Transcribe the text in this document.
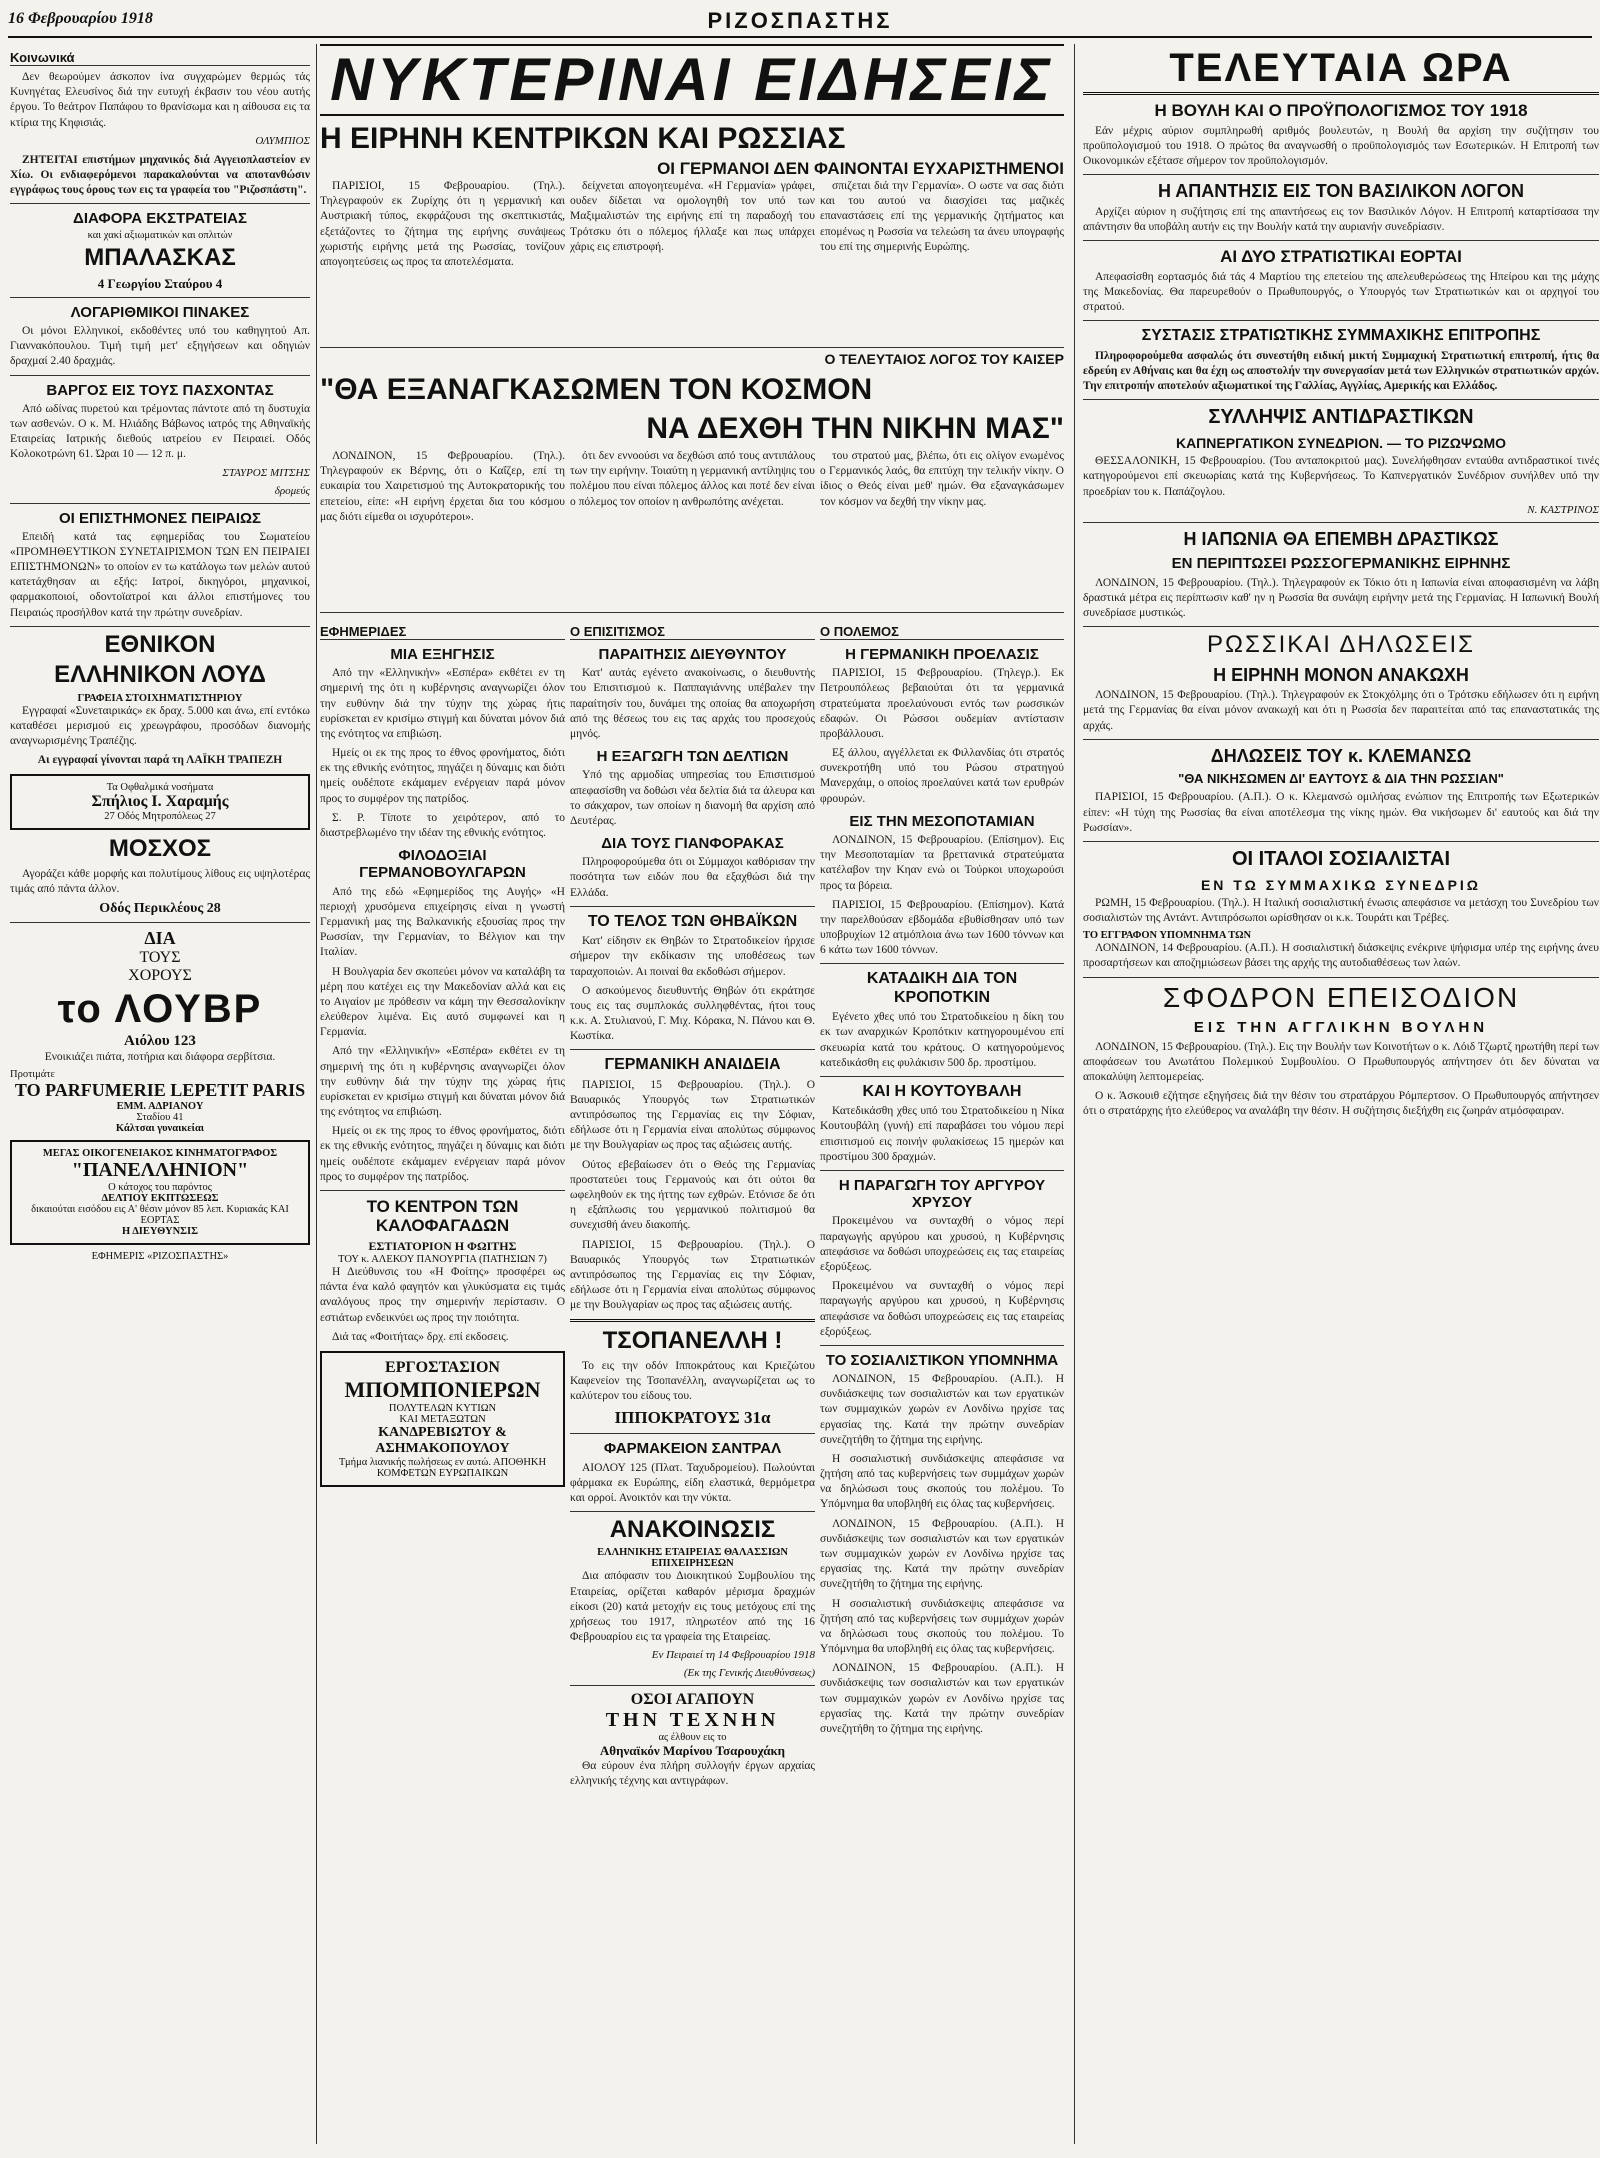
16 Φεβρουαρίου 1918	ΡΙΖΟΣΠΑΣΤΗΣ
Κοινωνικά

Δεν θεωρούμεν άσκοπον ίνα συγχαρώμεν θερμώς τάς Κυνηγέτας Ελευσίνος διά την ευτυχή έκβασιν του νέου αυτής έργου. Το θεάτρον Παπάφου το θρανίσωμα και η αίθουσα εις τα κτίρια της Κηφισιάς.

ΟΛΥΜΠΙΟΣ

ΖΗΤΕΙΤΑΙ επιστήμων μηχανικός διά Αγγειοπλαστείον εν Χίω. Οι ενδιαφερόμενοι παρακαλούνται να αποτανθώσιν εγγράφως τους όρους των εις τα γραφεία του "Ριζοσπάστη".

ΔΙΑΦΟΡΑ ΕΚΣΤΡΑΤΕΙΑΣ
και χακί αξιωματικών και οπλιτών
ΜΠΑΛΑΣΚΑΣ
4 Γεωργίου Σταύρου 4
ΛΟΓΑΡΙΘΜΙΚΟΙ ΠΙΝΑΚΕΣ

Οι μόνοι Ελληνικοί, εκδοθέντες υπό του καθηγητού Απ. Γιαννακόπουλου. Τιμή τιμή μετ' εξηγήσεων και οδηγιών δραχμαί 2.40 δραχμάς.

ΒΑΡΓΟΣ ΕΙΣ ΤΟΥΣ ΠΑΣΧΟΝΤΑΣ

Από ωδίνας πυρετού και τρέμοντας πάντοτε από τη δυστυχία των ασθενών. Ο κ. Μ. Ηλιάδης Βάβωνος ιατρός της Αθηναϊκής Εταιρείας Ιατρικής διεθούς ιατρείου εν Πειραιεί. Οδός Κολοκοτρώνη 61. Ώραι 10 — 12 π. μ.

ΣΤΑΥΡΟΣ ΜΙΤΣΗΣ
δρομεύς
ΟΙ ΕΠΙΣΤΗΜΟΝΕΣ ΠΕΙΡΑΙΩΣ

Επειδή κατά τας εφημερίδας του Σωματείου «ΠΡΟΜΗΘΕΥΤΙΚΟΝ ΣΥΝΕΤΑΙΡΙΣΜΟΝ ΤΩΝ ΕΝ ΠΕΙΡΑΙΕΙ ΕΠΙΣΤΗΜΟΝΩΝ» το οποίον εν τω κατάλογω των μελών αυτού κατετάχθησαν αι εξής: Ιατροί, δικηγόροι, μηχανικοί, φαρμακοποιοί, οδοντοϊατροί και άλλοι επιστήμονες του Πειραιώς προσήλθον κατά την πρώτην συνεδρίαν.

ΕΘΝΙΚΟΝ
ΕΛΛΗΝΙΚΟΝ ΛΟΥΔ
ΓΡΑΦΕΙΑ ΣΤΟΙΧΗΜΑΤΙΣΤΗΡΙΟΥ

Εγγραφαί «Συνεταιρικάς» εκ δραχ. 5.000 και άνω, επί εντόκω καταθέσει μερισμού εις χρεωγράφου, προσόδων διανομής αναγνωρισμένης Τραπέζης.

Αι εγγραφαί γίνονται παρά τη ΛΑΪΚΗ ΤΡΑΠΕΖΗ

Τα Οφθαλμικά νοσήματα
Σπήλιος Ι. Χαραμής
27 Οδός Μητροπόλεως 27
ΜΟΣΧΟΣ

Αγοράζει κάθε μορφής και πολυτίμους λίθους εις υψηλοτέρας τιμάς από πάντα άλλον.

Οδός Περικλέους 28
ΔΙΑ
ΤΟΥΣ
ΧΟΡΟΥΣ
το ΛΟΥΒΡ
Αιόλου 123

Ενοικιάζει πιάτα, ποτήρια και διάφορα σερβίτσια.

Προτιμάτε
TO PARFUMERIE LEPETIT PARIS
ΕΜΜ. ΑΔΡΙΑΝΟΥ
Σταδίου 41
Κάλτσαι γυναικείαι
ΜΕΓΑΣ ΟΙΚΟΓΕΝΕΙΑΚΟΣ ΚΙΝΗΜΑΤΟΓΡΑΦΟΣ
"ΠΑΝΕΛΛΗΝΙΟΝ"
Ο κάτοχος του παρόντος
ΔΕΛΤΙΟΥ ΕΚΠΤΩΣΕΩΣ
δικαιούται εισόδου εις Α' θέσιν μόνον 85 λεπ. Κυριακάς ΚΑΙ ΕΟΡΤΑΣ
Η ΔΙΕΥΘΥΝΣΙΣ
ΕΦΗΜΕΡΙΣ «ΡΙΖΟΣΠΑΣΤΗΣ»
ΝΥΚΤΕΡΙΝΑΙ ΕΙΔΗΣΕΙΣ
Η ΕΙΡΗΝΗ ΚΕΝΤΡΙΚΩΝ ΚΑΙ ΡΩΣΣΙΑΣ
ΟΙ ΓΕΡΜΑΝΟΙ ΔΕΝ ΦΑΙΝΟΝΤΑΙ ΕΥΧΑΡΙΣΤΗΜΕΝΟΙ

ΠΑΡΙΣΙΟΙ, 15 Φεβρουαρίου. (Τηλ.). Τηλεγραφούν εκ Ζυρίχης ότι η γερμανική και Αυστριακή τύπος, εκφράζουσι της σκεπτικιστάς, εξετάζοντες το ζήτημα της ειρήνης συνάψεως χωριστής ειρήνης μετά της Ρωσσίας, τονίζουν απογοητεύσεις ως προς τα αποτελέσματα.

δείχνεται απογοητευμένα. «Η Γερμανία» γράφει, ουδεν δίδεται να ομολογηθή τον υπό των Μαξιμαλιστών της ειρήνης επί τη παραδοχή του Τρότσκυ ότι ο πόλεμος ήλλαξε και πως υπάρχει χάρις εις επιστροφή.

σπιζεται διά την Γερμανία». Ο ωστε να σας διότι και του αυτού να διασχίσει τας μαζικές επαναστάσεις επί της γερμανικής ζητήματος και επομένως η Ρωσσία να τελεώση τα άνευ υπογραφής του επί της σημερινής Ευρώπης.

Ο ΤΕΛΕΥΤΑΙΟΣ ΛΟΓΟΣ ΤΟΥ ΚΑΙΣΕΡ
"ΘΑ ΕΞΑΝΑΓΚΑΣΩΜΕΝ ΤΟΝ ΚΟΣΜΟΝ
ΝΑ ΔΕΧΘΗ ΤΗΝ ΝΙΚΗΝ ΜΑΣ"

ΛΟΝΔΙΝΟΝ, 15 Φεβρουαρίου. (Τηλ.). Τηλεγραφούν εκ Βέρνης, ότι ο Καΐζερ, επί τη ευκαιρία του Χαιρετισμού της Αυτοκρατορικής του επετείου, είπε: «Η ειρήνη έρχεται δια του κόσμου μας διότι είμεθα οι ισχυρότεροι».

ότι δεν εννοούσι να δεχθώσι από τους αντιπάλους των την ειρήνην. Τοιαύτη η γερμανική αντίληψις του πολέμου που είναι πόλεμος άλλος και ποτέ δεν είναι ο πόλεμος τον οποίον η ανθρωπότης ανέχεται.

του στρατού μας, βλέπω, ότι εις ολίγον ενωμένος ο Γερμανικός λαός, θα επιτύχη την τελικήν νίκην. Ο ίδιος ο Θεός είναι μεθ' ημών. Θα εξαναγκάσωμεν τον κόσμον να δεχθή την νίκην μας.

ΕΦΗΜΕΡΙΔΕΣ
ΜΙΑ ΕΞΗΓΗΣΙΣ

Από την «Ελληνικήν» «Εσπέρα» εκθέτει εν τη σημερινή της ότι η κυβέρνησις αναγνωρίζει όλον την ευθύνην διά την τύχην της χώρας ήτις ευρίσκεται εν κρισίμω στιγμή και δύναται μόνον διά της ενότητος να επιβιώση.

Ημείς οι εκ της προς το έθνος φρονήματος, διότι εκ της εθνικής ενότητος, πηγάζει η δύναμις και διότι ημείς ουδέποτε εκάμαμεν ενέργειαν παρά μόνον προς το συμφέρον της πατρίδος.

Σ. Ρ. Τίποτε το χειρότερον, από το διαστρεβλωμένο την ιδέαν της εθνικής ενότητος.

ΦΙΛΟΔΟΞΙΑΙ ΓΕΡΜΑΝΟΒΟΥΛΓΑΡΩΝ

Από της εδώ «Εφημερίδος της Αυγής» «Η περιοχή χρυσόμενα επιχείρησις είναι η γνωστή Γερμανική μας της Βαλκανικής εξουσίας προς την Ρωσσίαν, την Γερμανίαν, το Βέλγιον και την Ιταλίαν.

Η Βουλγαρία δεν σκοπεύει μόνον να καταλάβη τα μέρη που κατέχει εις την Μακεδονίαν αλλά και εις το Αιγαίον με πρόθεσιν να κάμη την Θεσσαλονίκην ελεύθερον λιμένα. Εις αυτό συμφωνεί και η Γερμανία.

Από την «Ελληνικήν» «Εσπέρα» εκθέτει εν τη σημερινή της ότι η κυβέρνησις αναγνωρίζει όλον την ευθύνην διά την τύχην της χώρας ήτις ευρίσκεται εν κρισίμω στιγμή και δύναται μόνον διά της ενότητος να επιβιώση.

Ημείς οι εκ της προς το έθνος φρονήματος, διότι εκ της εθνικής ενότητος, πηγάζει η δύναμις και διότι ημείς ουδέποτε εκάμαμεν ενέργειαν παρά μόνον προς το συμφέρον της πατρίδος.

ΤΟ ΚΕΝΤΡΟΝ ΤΩΝ ΚΑΛΟΦΑΓΑΔΩΝ
ΕΣΤΙΑΤΟΡΙΟΝ Η ΦΩΙΤΗΣ
ΤΟΥ κ. ΑΛΕΚΟΥ ΠΑΝΟΥΡΓΙΑ (ΠΑΤΗΣΙΩΝ 7)

Η Διεύθυνσις του «Η Φοίτης» προσφέρει ως πάντα ένα καλό φαγητόν και γλυκύσματα εις τιμάς αναλόγους προς την σημερινήν περίστασιν. Ο εστιάτωρ ενδεικνύει ως προς την ποιότητα.

Διά τας «Φοιτήτας» δρχ. επί εκδοσεις.

ΕΡΓΟΣΤΑΣΙΟΝ
ΜΠΟΜΠΟΝΙΕΡΩΝ
ΠΟΛΥΤΕΛΩΝ ΚΥΤΙΩΝ
ΚΑΙ ΜΕΤΑΞΩΤΩΝ
ΚΑΝΔΡΕΒΙΩΤΟΥ & ΑΣΗΜΑΚΟΠΟΥΛΟΥ
Τμήμα λιανικής πωλήσεως εν αυτώ. ΑΠΟΘΗΚΗ ΚΟΜΦΕΤΩΝ ΕΥΡΩΠΑΙΚΩΝ
Ο ΕΠΙΣΙΤΙΣΜΟΣ
ΠΑΡΑΙΤΗΣΙΣ ΔΙΕΥΘΥΝΤΟΥ

Κατ' αυτάς εγένετο ανακοίνωσις, ο διευθυντής του Επισιτισμού κ. Παππαγιάννης υπέβαλεν την παραίτησίν του, δυνάμει της οποίας θα αποχωρήση από της θέσεως του εις τας αρχάς του προσεχούς μηνός.

Η ΕΞΑΓΩΓΗ ΤΩΝ ΔΕΛΤΙΩΝ

Υπό της αρμοδίας υπηρεσίας του Επισιτισμού απεφασίσθη να δοθώσι νέα δελτία διά τα άλευρα και το σάκχαρον, των οποίων η διανομή θα αρχίση από Δευτέρας.

ΔΙΑ ΤΟΥΣ ΓΙΑΝΦΟΡΑΚΑΣ

Πληροφορούμεθα ότι οι Σύμμαχοι καθόρισαν την ποσότητα των ειδών που θα εξαχθώσι διά την Ελλάδα.

ΤΟ ΤΕΛΟΣ ΤΩΝ ΘΗΒΑΪΚΩΝ

Κατ' είδησιν εκ Θηβών το Στρατοδικείον ήρχισε σήμερον την εκδίκασιν της υποθέσεως των ταραχοποιών. Αι ποιναί θα εκδοθώσι σήμερον.

Ο ασκούμενος διευθυντής Θηβών ότι εκράτησε τους εις τας συμπλοκάς συλληφθέντας, ήτοι τους κ.κ. Α. Στυλιανού, Γ. Μιχ. Κόρακα, Ν. Πάνου και Θ. Κωστίκα.

ΓΕΡΜΑΝΙΚΗ ΑΝΑΙΔΕΙΑ

ΠΑΡΙΣΙΟΙ, 15 Φεβρουαρίου. (Τηλ.). Ο Βαυαρικός Υπουργός των Στρατιωτικών αντιπρόσωπος της Γερμανίας εις την Σόφιαν, εδήλωσε ότι η Γερμανία είναι απολύτως σύμφωνος με την Βουλγαρίαν ως προς τας αξιώσεις αυτής.

Ούτος εβεβαίωσεν ότι ο Θεός της Γερμανίας προστατεύει τους Γερμανούς και ότι ούτοι θα ωφεληθούν εκ της ήττης των εχθρών. Ετόνισε δε ότι η εξάπλωσις του γερμανικού πολιτισμού θα συνεχισθή άνευ διακοπής.

ΠΑΡΙΣΙΟΙ, 15 Φεβρουαρίου. (Τηλ.). Ο Βαυαρικός Υπουργός των Στρατιωτικών αντιπρόσωπος της Γερμανίας εις την Σόφιαν, εδήλωσε ότι η Γερμανία είναι απολύτως σύμφωνος με την Βουλγαρίαν ως προς τας αξιώσεις αυτής.

ΤΣΟΠΑΝΕΛΛΗ !

Το εις την οδόν Ιπποκράτους και Κριεζώτου Καφενείον της Τσοπανέλλη, αναγνωρίζεται ως το καλύτερον του είδους του.

ΙΠΠΟΚΡΑΤΟΥΣ 31α
ΦΑΡΜΑΚΕΙΟΝ ΣΑΝΤΡΑΛ

ΑΙΟΛΟΥ 125 (Πλατ. Ταχυδρομείου). Πωλούνται φάρμακα εκ Ευρώπης, είδη ελαστικά, θερμόμετρα και ορροί. Ανοικτόν και την νύκτα.

ΑΝΑΚΟΙΝΩΣΙΣ
ΕΛΛΗΝΙΚΗΣ ΕΤΑΙΡΕΙΑΣ ΘΑΛΑΣΣΙΩΝ ΕΠΙΧΕΙΡΗΣΕΩΝ

Δια απόφασιν του Διοικητικού Συμβουλίου της Εταιρείας, ορίζεται καθαρόν μέρισμα δραχμών είκοσι (20) κατά μετοχήν εις τους μετόχους επί της χρήσεως του 1917, πληρωτέον από της 16 Φεβρουαρίου εις τα γραφεία της Εταιρείας.

Εν Πειραιεί τη 14 Φεβρουαρίου 1918
(Εκ της Γενικής Διευθύνσεως)
ΟΣΟΙ ΑΓΑΠΟΥΝ
ΤΗΝ ΤΕΧΝΗΝ
ας έλθουν εις το
Αθηναϊκόν Μαρίνου Τσαρουχάκη

Θα εύρουν ένα πλήρη συλλογήν έργων αρχαίας ελληνικής τέχνης και αντιγράφων.

Ο ΠΟΛΕΜΟΣ
Η ΓΕΡΜΑΝΙΚΗ ΠΡΟΕΛΑΣΙΣ

ΠΑΡΙΣΙΟΙ, 15 Φεβρουαρίου. (Τηλεγρ.). Εκ Πετρουπόλεως βεβαιούται ότι τα γερμανικά στρατεύματα προελαύνουσι εντός των ρωσσικών εδαφών. Οι Ρώσσοι ουδεμίαν αντίστασιν προβάλλουσι.

Εξ άλλου, αγγέλλεται εκ Φιλλανδίας ότι στρατός συνεκροτήθη υπό του Ρώσου στρατηγού Μανερχάιμ, ο οποίος προελαύνει κατά των ερυθρών φρουρών.

ΕΙΣ ΤΗΝ ΜΕΣΟΠΟΤΑΜΙΑΝ

ΛΟΝΔΙΝΟΝ, 15 Φεβρουαρίου. (Επίσημον). Εις την Μεσοποταμίαν τα βρεττανικά στρατεύματα κατέλαβον την Κηαν ενώ οι Τούρκοι υποχωρούσι προς τα βόρεια.

ΠΑΡΙΣΙΟΙ, 15 Φεβρουαρίου. (Επίσημον). Κατά την παρελθούσαν εβδομάδα εβυθίσθησαν υπό των υποβρυχίων 12 ατμόπλοια άνω των 1600 τόννων και 6 κάτω των 1600 τόννων.

ΚΑΤΑΔΙΚΗ ΔΙΑ ΤΟΝ ΚΡΟΠΟΤΚΙΝ

Εγένετο χθες υπό του Στρατοδικείου η δίκη του εκ των αναρχικών Κροπότκιν κατηγορουμένου επί σκευωρία κατά του κράτους. Ο κατηγορούμενος κατεδικάσθη εις φυλάκισιν 500 δρ. προστίμου.

ΚΑΙ Η ΚΟΥΤΟΥΒΑΛΗ

Κατεδικάσθη χθες υπό του Στρατοδικείου η Νίκα Κουτουβάλη (γυνή) επί παραβάσει του νόμου περί επισιτισμού εις ποινήν φυλακίσεως 15 ημερών και προστίμου 300 δραχμών.

Η ΠΑΡΑΓΩΓΗ ΤΟΥ ΑΡΓΥΡΟΥ ΧΡΥΣΟΥ

Προκειμένου να συνταχθή ο νόμος περί παραγωγής αργύρου και χρυσού, η Κυβέρνησις απεφάσισε να δοθώσι υποχρεώσεις εις τας εταιρείας εξορύξεως.

Προκειμένου να συνταχθή ο νόμος περί παραγωγής αργύρου και χρυσού, η Κυβέρνησις απεφάσισε να δοθώσι υποχρεώσεις εις τας εταιρείας εξορύξεως.

ΤΟ ΣΟΣΙΑΛΙΣΤΙΚΟΝ ΥΠΟΜΝΗΜΑ

ΛΟΝΔΙΝΟΝ, 15 Φεβρουαρίου. (Α.Π.). Η συνδιάσκεψις των σοσιαλιστών και των εργατικών των συμμαχικών χωρών εν Λονδίνω ηρχίσε τας εργασίας της. Κατά την πρώτην συνεδρίαν συνεζητήθη το ζήτημα της ειρήνης.

Η σοσιαλιστική συνδιάσκεψις απεφάσισε να ζητήση από τας κυβερνήσεις των συμμάχων χωρών να δηλώσωσι τους σκοπούς του πολέμου. Το Υπόμνημα θα υποβληθή εις όλας τας κυβερνήσεις.

ΛΟΝΔΙΝΟΝ, 15 Φεβρουαρίου. (Α.Π.). Η συνδιάσκεψις των σοσιαλιστών και των εργατικών των συμμαχικών χωρών εν Λονδίνω ηρχίσε τας εργασίας της. Κατά την πρώτην συνεδρίαν συνεζητήθη το ζήτημα της ειρήνης.

Η σοσιαλιστική συνδιάσκεψις απεφάσισε να ζητήση από τας κυβερνήσεις των συμμάχων χωρών να δηλώσωσι τους σκοπούς του πολέμου. Το Υπόμνημα θα υποβληθή εις όλας τας κυβερνήσεις.

ΛΟΝΔΙΝΟΝ, 15 Φεβρουαρίου. (Α.Π.). Η συνδιάσκεψις των σοσιαλιστών και των εργατικών των συμμαχικών χωρών εν Λονδίνω ηρχίσε τας εργασίας της. Κατά την πρώτην συνεδρίαν συνεζητήθη το ζήτημα της ειρήνης.

ΤΕΛΕΥΤΑΙΑ ΩΡΑ
Η ΒΟΥΛΗ ΚΑΙ Ο ΠΡΟΫΠΟΛΟΓΙΣΜΟΣ ΤΟΥ 1918

Εάν μέχρις αύριον συμπληρωθή αριθμός βουλευτών, η Βουλή θα αρχίση την συζήτησιν του προϋπολογισμού του 1918. Ο πρώτος θα αναγνωσθή ο προϋπολογισμός των Εσωτερικών. Η Επιτροπή των Οικονομικών εξέτασε σήμερον τον προϋπολογισμόν.

Η ΑΠΑΝΤΗΣΙΣ ΕΙΣ ΤΟΝ ΒΑΣΙΛΙΚΟΝ ΛΟΓΟΝ

Αρχίζει αύριον η συζήτησις επί της απαντήσεως εις τον Βασιλικόν Λόγον. Η Επιτροπή καταρτίσασα την απάντησιν θα υποβάλη αυτήν εις την Βουλήν κατά την αυριανήν συνεδρίασιν.

ΑΙ ΔΥΟ ΣΤΡΑΤΙΩΤΙΚΑΙ ΕΟΡΤΑΙ

Απεφασίσθη εορτασμός διά τάς 4 Μαρτίου της επετείου της απελευθερώσεως της Ηπείρου και της μάχης της Μακεδονίας. Θα παρευρεθούν ο Πρωθυπουργός, ο Υπουργός των Στρατιωτικών και οι αρχηγοί του στρατού.

ΣΥΣΤΑΣΙΣ ΣΤΡΑΤΙΩΤΙΚΗΣ ΣΥΜΜΑΧΙΚΗΣ ΕΠΙΤΡΟΠΗΣ

Πληροφορούμεθα ασφαλώς ότι συνεστήθη ειδική μικτή Συμμαχική Στρατιωτική επιτροπή, ήτις θα εδρεύη εν Αθήναις και θα έχη ως αποστολήν την συνεργασίαν μετά των Ελληνικών στρατιωτικών αρχών. Την επιτροπήν αποτελούν αξιωματικοί της Γαλλίας, Αγγλίας, Αμερικής και Ελλάδος.

ΣΥΛΛΗΨΙΣ ΑΝΤΙΔΡΑΣΤΙΚΩΝ
ΚΑΠΝΕΡΓΑΤΙΚΟΝ ΣΥΝΕΔΡΙΟΝ. — ΤΟ ΡΙΖΩΨΩΜΟ

ΘΕΣΣΑΛΟΝΙΚΗ, 15 Φεβρουαρίου. (Του ανταποκριτού μας). Συνελήφθησαν ενταύθα αντιδραστικοί τινές κατηγορούμενοι επί σκευωρίαις κατά της Κυβερνήσεως. Το Καπνεργατικόν Συνέδριον συνήλθεν υπό την προεδρίαν του κ. Παπάζογλου.

Ν. ΚΑΣΤΡΙΝΟΣ
Η ΙΑΠΩΝΙΑ ΘΑ ΕΠΕΜΒΗ ΔΡΑΣΤΙΚΩΣ
ΕΝ ΠΕΡΙΠΤΩΣΕΙ ΡΩΣΣΟΓΕΡΜΑΝΙΚΗΣ ΕΙΡΗΝΗΣ

ΛΟΝΔΙΝΟΝ, 15 Φεβρουαρίου. (Τηλ.). Τηλεγραφούν εκ Τόκιο ότι η Ιαπωνία είναι αποφασισμένη να λάβη δραστικά μέτρα εις περίπτωσιν καθ' ην η Ρωσσία θα συνάψη ειρήνην μετά της Γερμανίας. Η Ιαπωνική Βουλή συνεδρίασε μυστικώς.

ΡΩΣΣΙΚΑΙ ΔΗΛΩΣΕΙΣ
Η ΕΙΡΗΝΗ ΜΟΝΟΝ ΑΝΑΚΩΧΗ

ΛΟΝΔΙΝΟΝ, 15 Φεβρουαρίου. (Τηλ.). Τηλεγραφούν εκ Στοκχόλμης ότι ο Τρότσκυ εδήλωσεν ότι η ειρήνη μετά της Γερμανίας θα είναι μόνον ανακωχή και ότι η Ρωσσία δεν παραιτείται από τας επαναστατικάς της αρχάς.

ΔΗΛΩΣΕΙΣ ΤΟΥ κ. ΚΛΕΜΑΝΣΩ
"ΘΑ ΝΙΚΗΣΩΜΕΝ ΔΙ' ΕΑΥΤΟΥΣ & ΔΙΑ ΤΗΝ ΡΩΣΣΙΑΝ"

ΠΑΡΙΣΙΟΙ, 15 Φεβρουαρίου. (Α.Π.). Ο κ. Κλεμανσώ ομιλήσας ενώπιον της Επιτροπής των Εξωτερικών είπεν: «Η τύχη της Ρωσσίας θα είναι αποτέλεσμα της νίκης ημών. Θα νικήσωμεν δι' εαυτούς και διά την Ρωσσίαν».

ΟΙ ΙΤΑΛΟΙ ΣΟΣΙΑΛΙΣΤΑΙ
ΕΝ ΤΩ ΣΥΜΜΑΧΙΚΩ ΣΥΝΕΔΡΙΩ

ΡΩΜΗ, 15 Φεβρουαρίου. (Τηλ.). Η Ιταλική σοσιαλιστική ένωσις απεφάσισε να μετάσχη του Συνεδρίου των σοσιαλιστών της Αντάντ. Αντιπρόσωποι ωρίσθησαν οι κ.κ. Τουράτι και Τρέβες.

ΤΟ ΕΓΓΡΑΦΟΝ ΥΠΟΜΝΗΜΑ ΤΩΝ

ΛΟΝΔΙΝΟΝ, 14 Φεβρουαρίου. (Α.Π.). Η σοσιαλιστική διάσκεψις ενέκρινε ψήφισμα υπέρ της ειρήνης άνευ προσαρτήσεων και αποζημιώσεων βάσει της αρχής της αυτοδιαθέσεως των λαών.

ΣΦΟΔΡΟΝ ΕΠΕΙΣΟΔΙΟΝ
ΕΙΣ ΤΗΝ ΑΓΓΛΙΚΗΝ ΒΟΥΛΗΝ

ΛΟΝΔΙΝΟΝ, 15 Φεβρουαρίου. (Τηλ.). Εις την Βουλήν των Κοινοτήτων ο κ. Λόιδ Τζωρτζ ηρωτήθη περί των αποφάσεων του Ανωτάτου Πολεμικού Συμβουλίου. Ο Πρωθυπουργός απήντησεν ότι δεν δύναται να αποκαλύψη λεπτομερείας.

Ο κ. Άσκουιθ εζήτησε εξηγήσεις διά την θέσιν του στρατάρχου Ρόμπερτσον. Ο Πρωθυπουργός απήντησεν ότι ο στρατάρχης ήτο ελεύθερος να αναλάβη την θέσιν. Η συζήτησις διεξήχθη εις ζωηράν ατμόσφαιραν.
